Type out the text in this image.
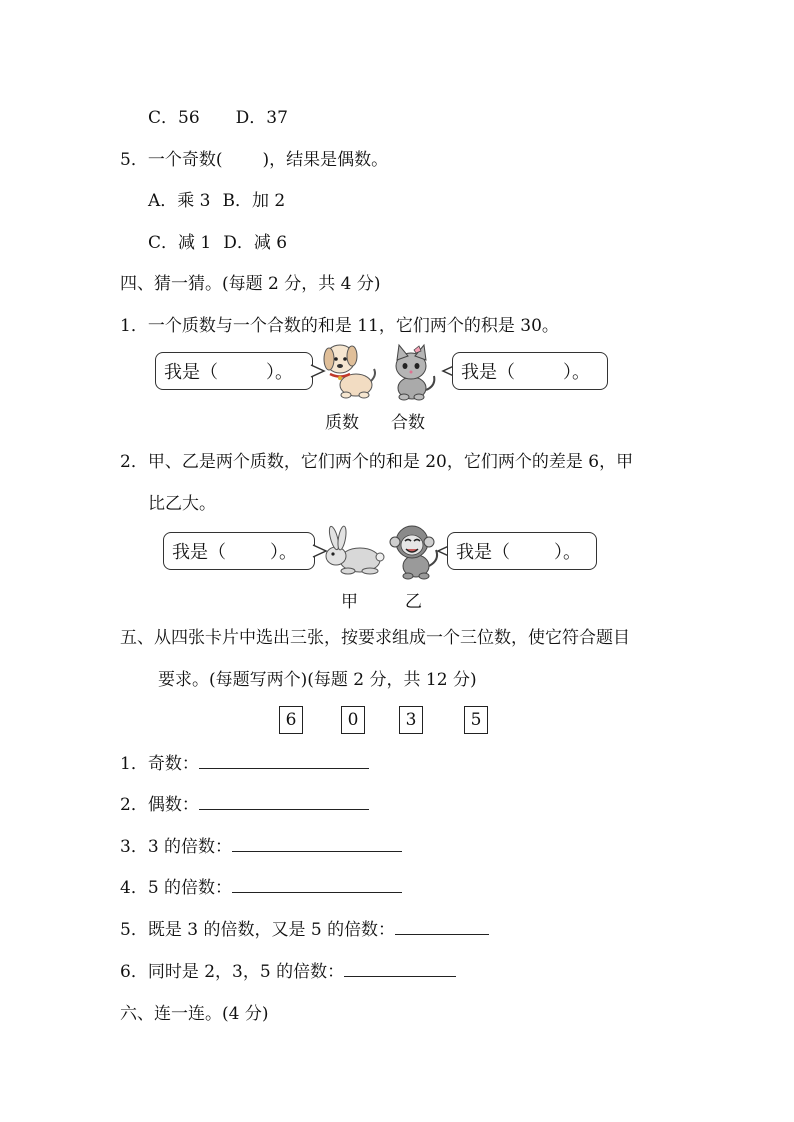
C．56 D．37
5．一个奇数( )，结果是偶数。
A．乘 3 B．加 2
C．减 1 D．减 6
四、猜一猜。(每题 2 分，共 4 分)
1．一个质数与一个合数的和是 11，它们两个的积是 30。
我是（	）。	我是（	）。
质数 合数
2．甲、乙是两个质数，它们两个的和是 20，它们两个的差是 6，甲
比乙大。
我是（ ）。	我是（ ）。
甲	乙
五、从四张卡片中选出三张，按要求组成一个三位数，使它符合题目
要求。(每题写两个)(每题 2 分，共 12 分)
6	0	3	5
1．奇数：
2．偶数：
3．3 的倍数：
4．5 的倍数：
5．既是 3 的倍数，又是 5 的倍数：
6．同时是 2，3，5 的倍数：
六、连一连。(4 分)
